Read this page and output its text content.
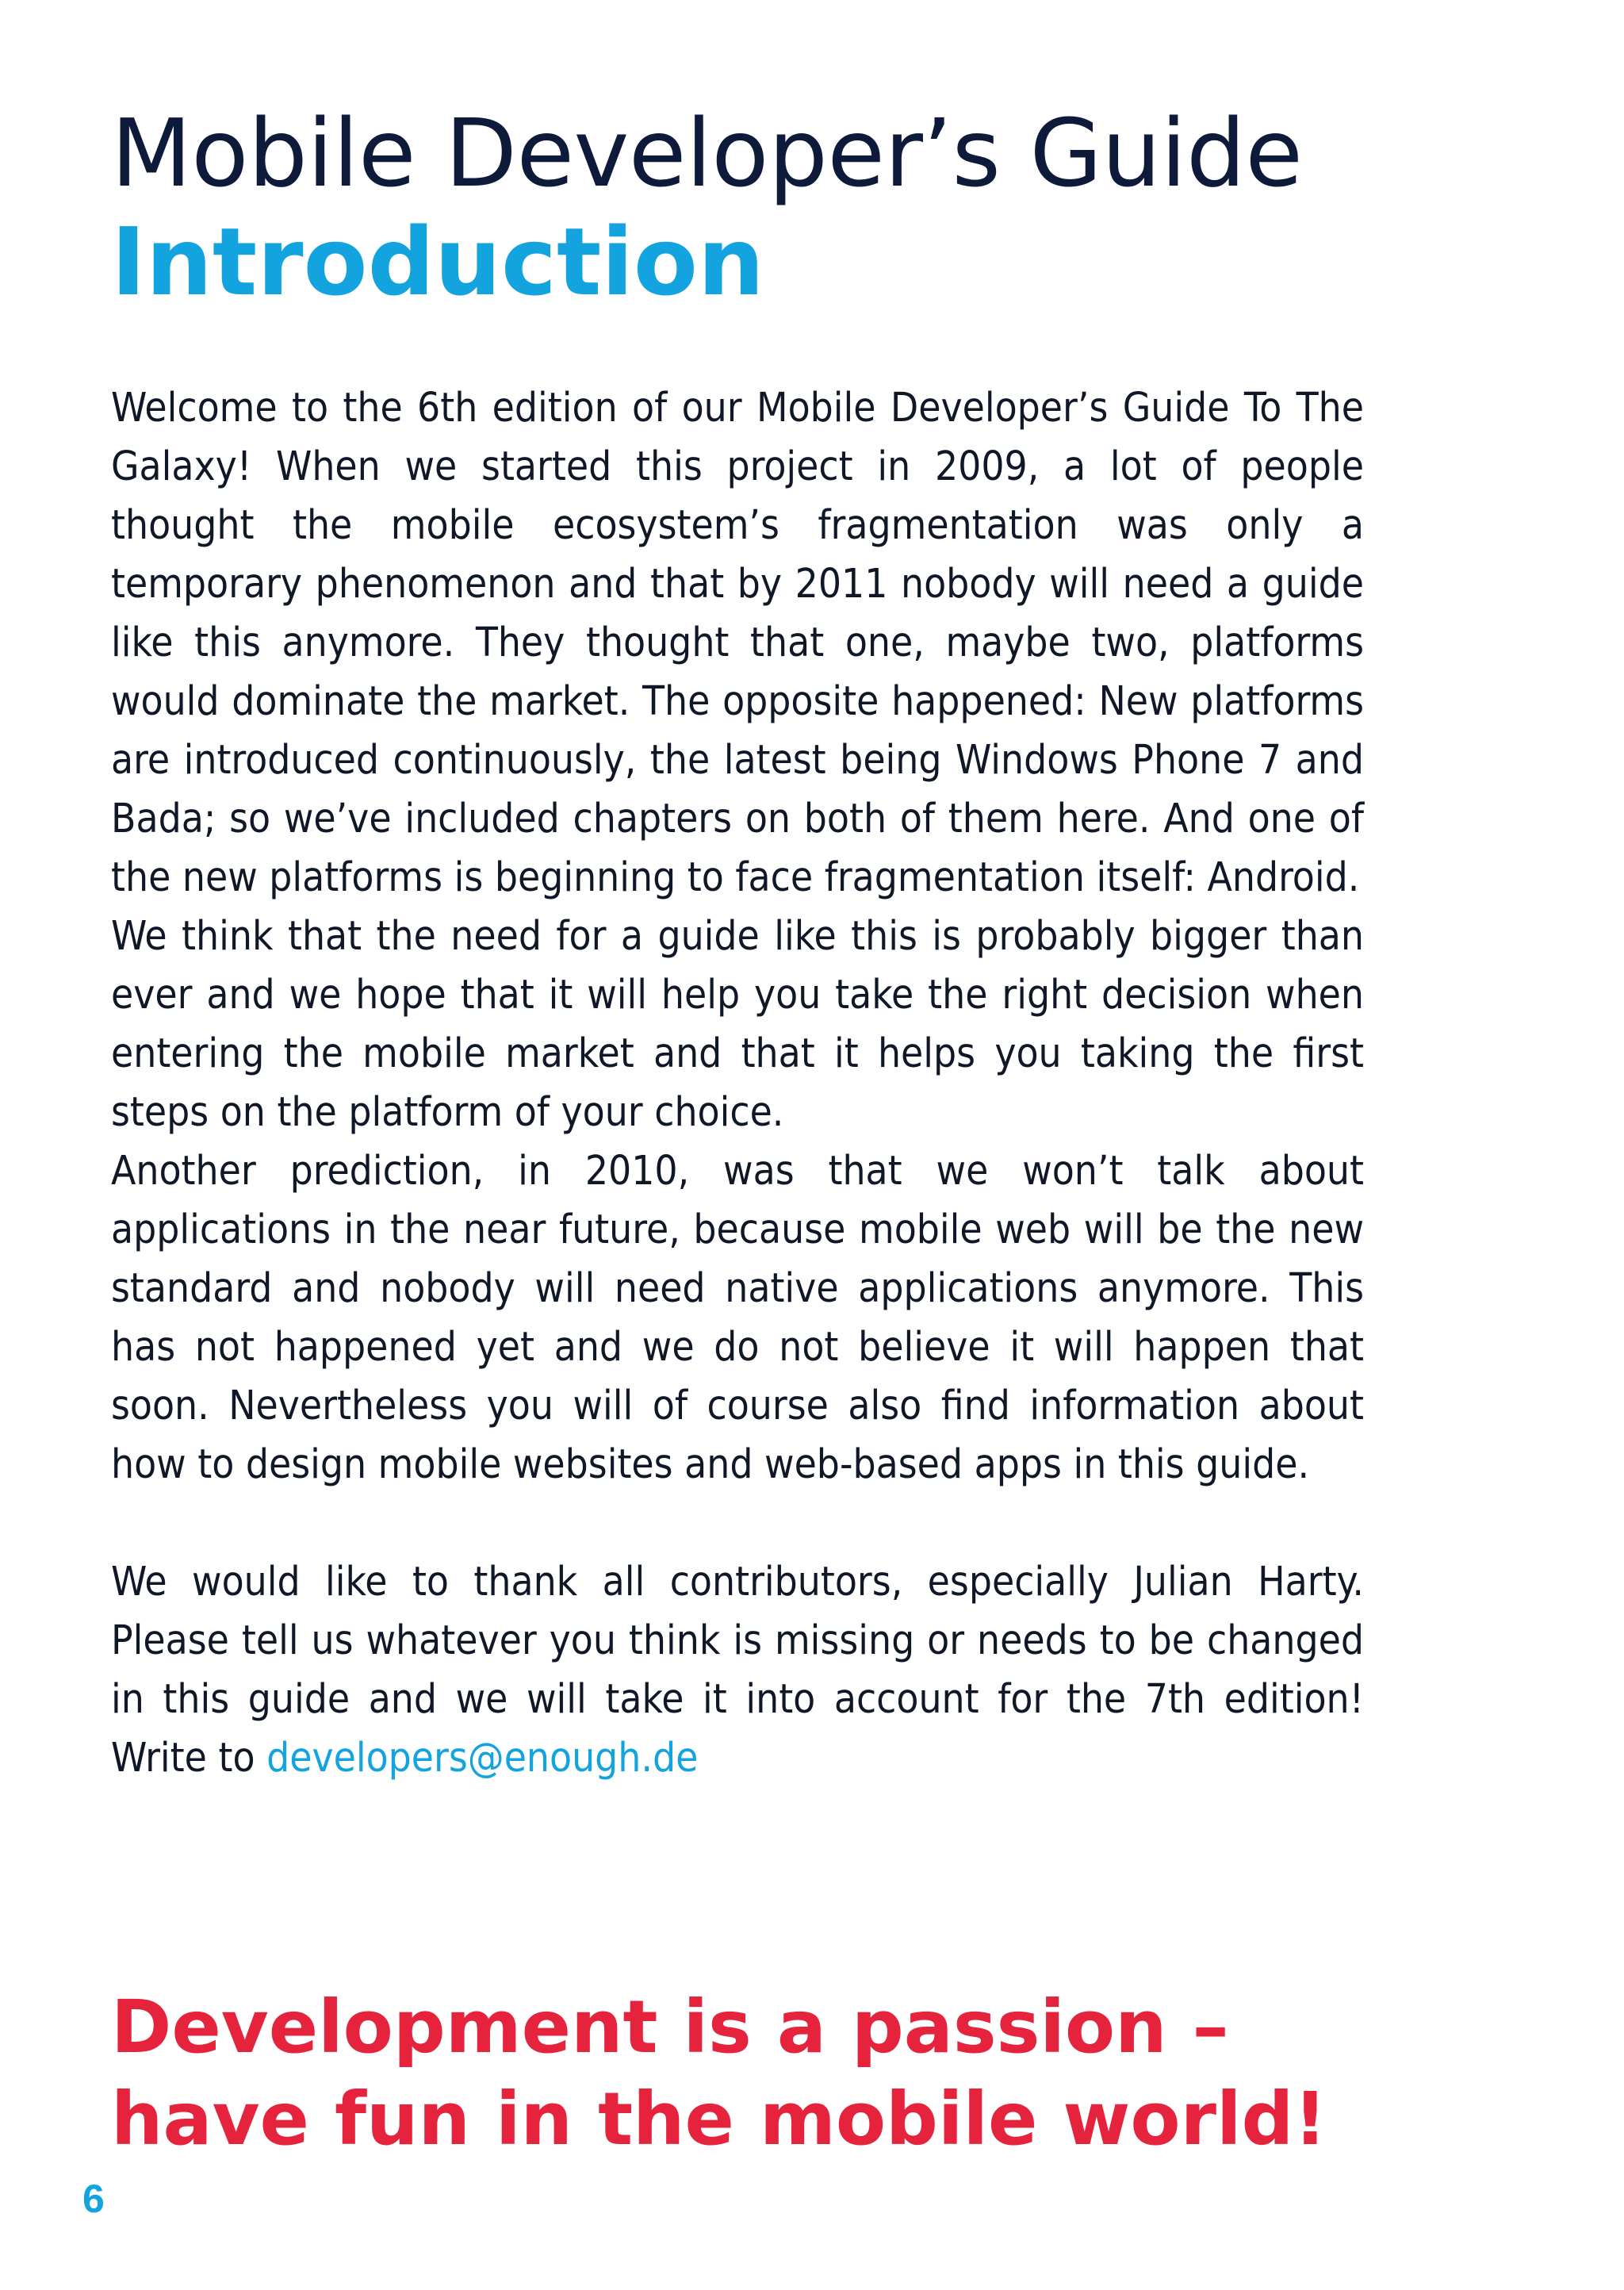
Mobile Developer’s Guide
Introduction

Welcome to the 6th edition of our Mobile Developer’s Guide To The Galaxy! When we started this project in 2009, a lot of people thought the mobile ecosystem’s fragmentation was only a temporary phenomenon and that by 2011 nobody will need a guide like this anymore. They thought that one, maybe two, platforms would dominate the market. The opposite happened: New platforms are introduced continuously, the latest being Windows Phone 7 and Bada; so we’ve included chapters on both of them here. And one of the new platforms is beginning to face fragmentation itself: Android.

We think that the need for a guide like this is probably bigger than ever and we hope that it will help you take the right decision when entering the mobile market and that it helps you taking the first steps on the platform of your choice.

Another prediction, in 2010, was that we won’t talk about applications in the near future, because mobile web will be the new standard and nobody will need native applications anymore. This has not happened yet and we do not believe it will happen that soon. Nevertheless you will of course also find information about how to design mobile websites and web-based apps in this guide.

We would like to thank all contributors, especially Julian Harty. Please tell us whatever you think is missing or needs to be changed in this guide and we will take it into account for the 7th edition! Write to developers@enough.de

Development is a passion – have fun in the mobile world!
6
